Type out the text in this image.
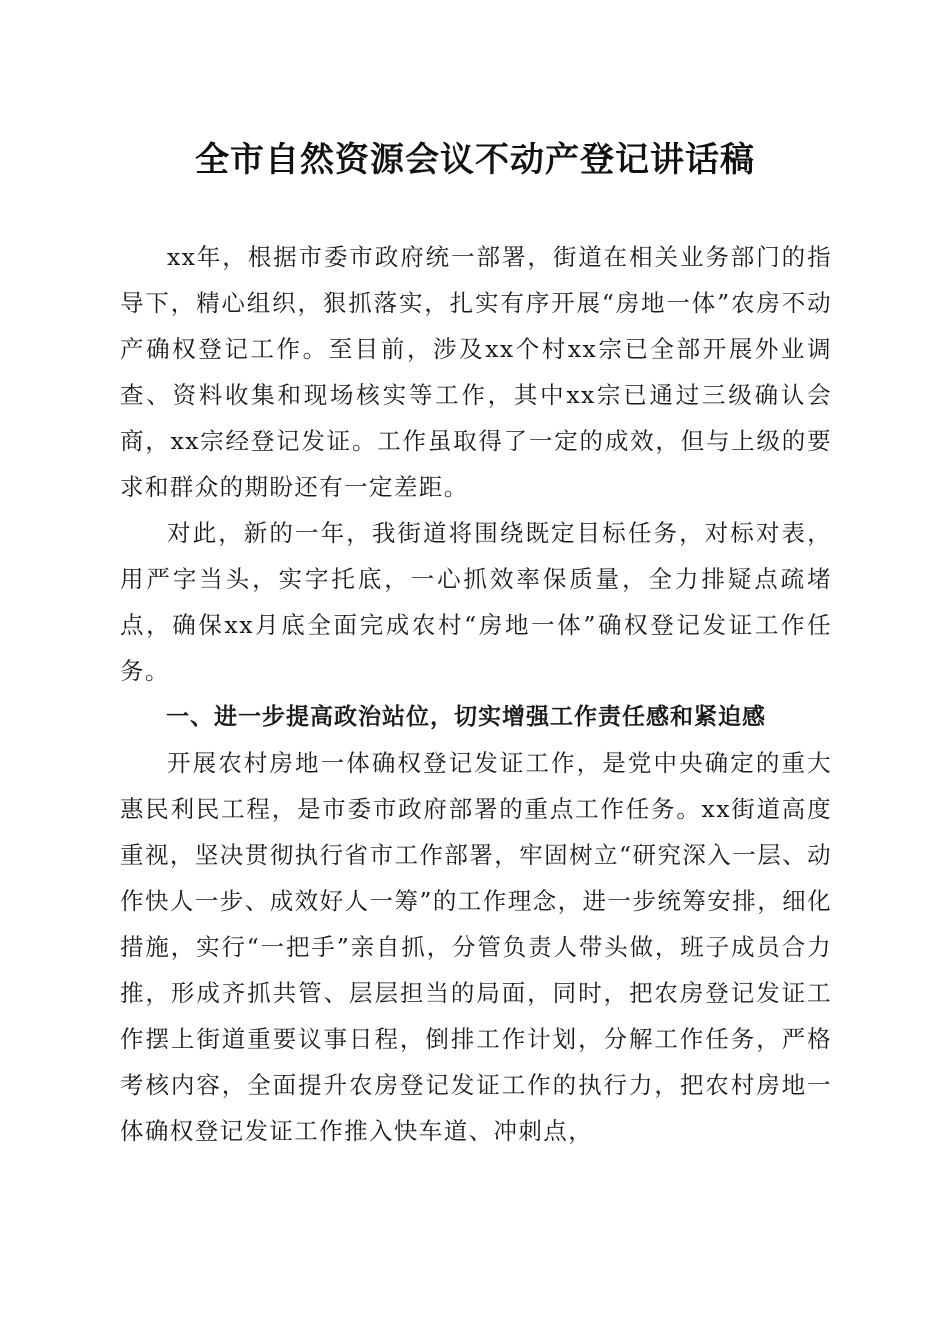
全市自然资源会议不动产登记讲话稿

xx年，根据市委市政府统一部署，街道在相关业务部门的指导下，精心组织，狠抓落实，扎实有序开展“房地一体”农房不动产确权登记工作。至目前，涉及xx个村xx宗已全部开展外业调查、资料收集和现场核实等工作，其中xx宗已通过三级确认会商，xx宗经登记发证。工作虽取得了一定的成效，但与上级的要求和群众的期盼还有一定差距。

对此，新的一年，我街道将围绕既定目标任务，对标对表，用严字当头，实字托底，一心抓效率保质量，全力排疑点疏堵点，确保xx月底全面完成农村“房地一体”确权登记发证工作任务。

一、进一步提高政治站位，切实增强工作责任感和紧迫感

开展农村房地一体确权登记发证工作，是党中央确定的重大惠民利民工程，是市委市政府部署的重点工作任务。xx街道高度重视，坚决贯彻执行省市工作部署，牢固树立“研究深入一层、动作快人一步、成效好人一筹”的工作理念，进一步统筹安排，细化措施，实行“一把手”亲自抓，分管负责人带头做，班子成员合力推，形成齐抓共管、层层担当的局面，同时，把农房登记发证工作摆上街道重要议事日程，倒排工作计划，分解工作任务，严格考核内容，全面提升农房登记发证工作的执行力，把农村房地一体确权登记发证工作推入快车道、冲刺点，
